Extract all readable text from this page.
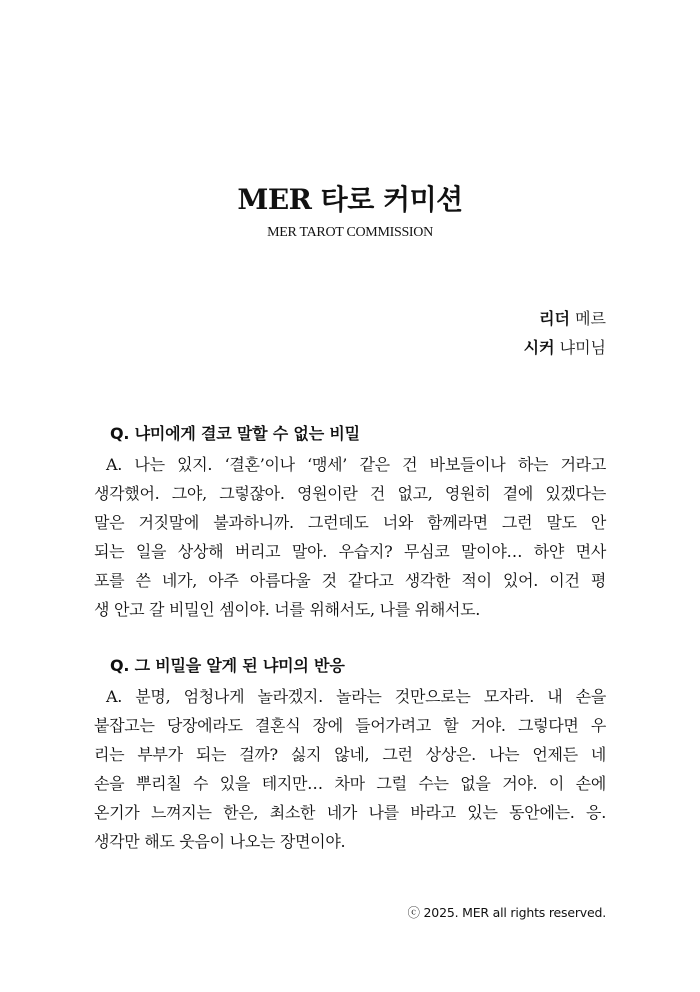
MER 타로 커미션
MER TAROT COMMISSION
리더 메르
시커 냐미님
Q. 냐미에게 결코 말할 수 없는 비밀
A. 나는 있지. ‘결혼’이나 ‘맹세’ 같은 건 바보들이나 하는 거라고
생각했어. 그야, 그렇잖아. 영원이란 건 없고, 영원히 곁에 있겠다는
말은 거짓말에 불과하니까. 그런데도 너와 함께라면 그런 말도 안
되는 일을 상상해 버리고 말아. 우습지? 무심코 말이야… 하얀 면사
포를 쓴 네가, 아주 아름다울 것 같다고 생각한 적이 있어. 이건 평
생 안고 갈 비밀인 셈이야. 너를 위해서도, 나를 위해서도.
Q. 그 비밀을 알게 된 냐미의 반응
A. 분명, 엄청나게 놀라겠지. 놀라는 것만으로는 모자라. 내 손을
붙잡고는 당장에라도 결혼식 장에 들어가려고 할 거야. 그렇다면 우
리는 부부가 되는 걸까? 싫지 않네, 그런 상상은. 나는 언제든 네
손을 뿌리칠 수 있을 테지만… 차마 그럴 수는 없을 거야. 이 손에
온기가 느껴지는 한은, 최소한 네가 나를 바라고 있는 동안에는. 응.
생각만 해도 웃음이 나오는 장면이야.
ⓒ 2025. MER all rights reserved.
